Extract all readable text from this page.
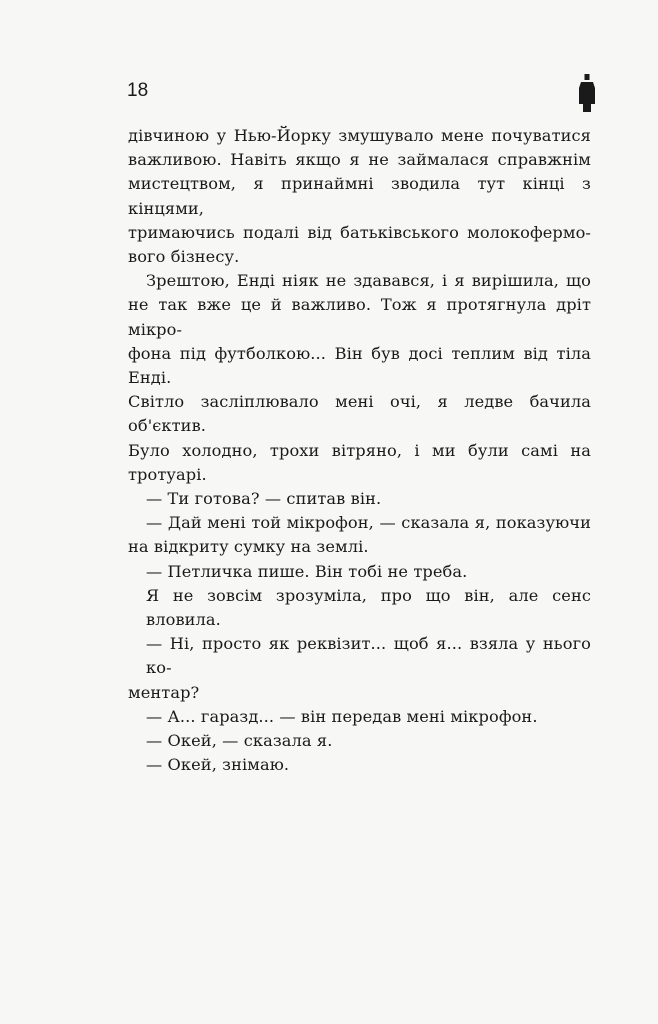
18
дівчиною у Нью-Йорку змушувало мене почуватися
важливою. Навіть якщо я не займалася справжнім
мистецтвом, я принаймні зводила тут кінці з кінцями,
тримаючись подалі від батьківського молокофермо-
вого бізнесу.
Зрештою, Енді ніяк не здавався, і я вирішила, що
не так вже це й важливо. Тож я протягнула дріт мікро-
фона під футболкою... Він був досі теплим від тіла Енді.
Світло засліплювало мені очі, я ледве бачила об'єктив.
Було холодно, трохи вітряно, і ми були самі на тротуарі.
— Ти готова? — спитав він.
— Дай мені той мікрофон, — сказала я, показуючи
на відкриту сумку на землі.
— Петличка пише. Він тобі не треба.
Я не зовсім зрозуміла, про що він, але сенс вловила.
— Ні, просто як реквізит... щоб я... взяла у нього ко-
ментар?
— А... гаразд... — він передав мені мікрофон.
— Окей, — сказала я.
— Окей, знімаю.
